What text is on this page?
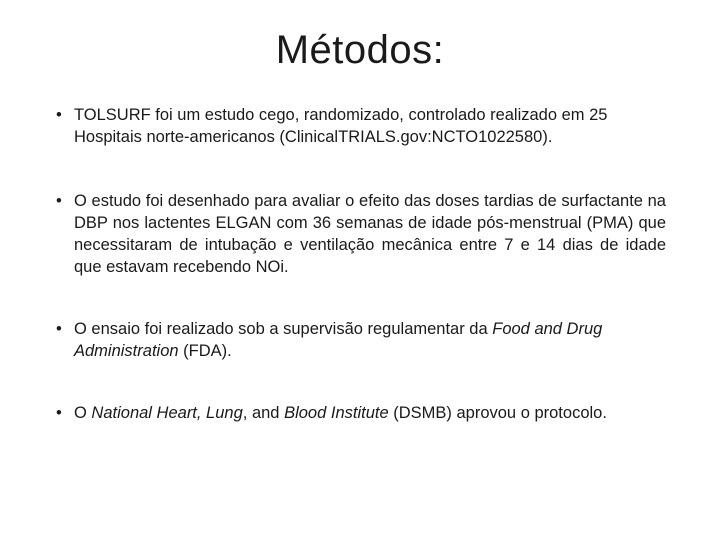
Métodos:
• TOLSURF foi um estudo cego, randomizado, controlado realizado em 25 Hospitais norte-americanos (ClinicalTRIALS.gov:NCTO1022580).
• O estudo foi desenhado para avaliar o efeito das doses tardias de surfactante na DBP nos lactentes ELGAN com 36 semanas de idade pós-menstrual (PMA) que necessitaram de intubação e ventilação mecânica entre 7 e 14 dias de idade que estavam recebendo NOi.
• O ensaio foi realizado sob a supervisão regulamentar da Food and Drug Administration (FDA).
• O National Heart, Lung, and Blood Institute (DSMB) aprovou o protocolo.
